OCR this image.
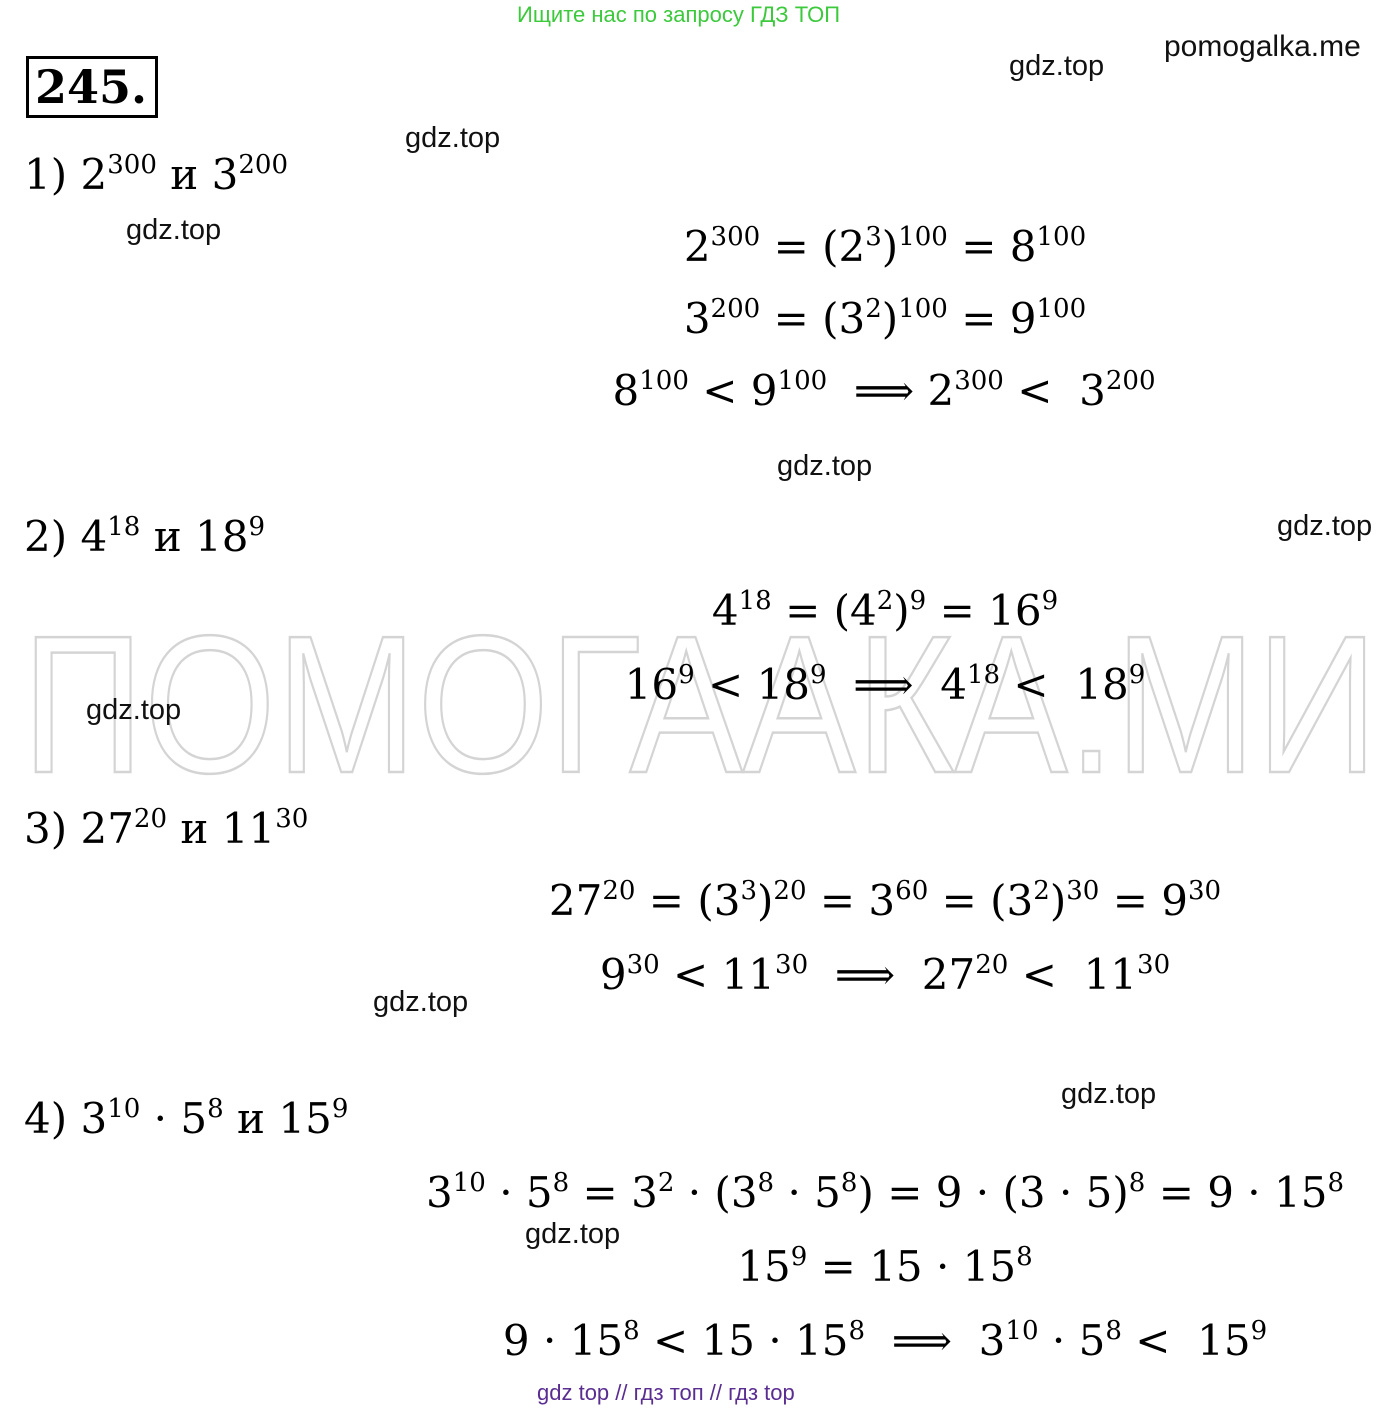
ПОМОГААКА.МИ
Ищите нас по запросу ГДЗ ТОП
pomogalka.me
245.	gdz.top
gdz.top
gdz.top
gdz.top
gdz.top
gdz.top
gdz.top
gdz.top
gdz.top
1) $2^{300}$ и $3^{200}$
$2^{300} = (2^3)^{100} = 8^{100}$
$3^{200} = (3^2)^{100} = 9^{100}$
$8^{100} < 9^{100}$  ⟹ $2^{300} < 3^{200}$
2) $4^{18}$ и $18^9$
$4^{18} = (4^2)^9 = 16^9$
$16^9 < 18^9$  ⟹  $4^{18} < 18^9$
3) $27^{20}$ и $11^{30}$
$27^{20} = (3^3)^{20} = 3^{60} = (3^2)^{30} = 9^{30}$
$9^{30} < 11^{30}$  ⟹  $27^{20} < 11^{30}$
4) $3^{10} \cdot 5^8$ и $15^9$
$3^{10} \cdot 5^8 = 3^2 \cdot (3^8 \cdot 5^8) = 9 \cdot (3 \cdot 5)^8 = 9 \cdot 15^8$
$15^9 = 15 \cdot 15^8$
$9 \cdot 15^8 < 15 \cdot 15^8$  ⟹  $3^{10} \cdot 5^8 < 15^9$
gdz top // гдз топ // гдз top
